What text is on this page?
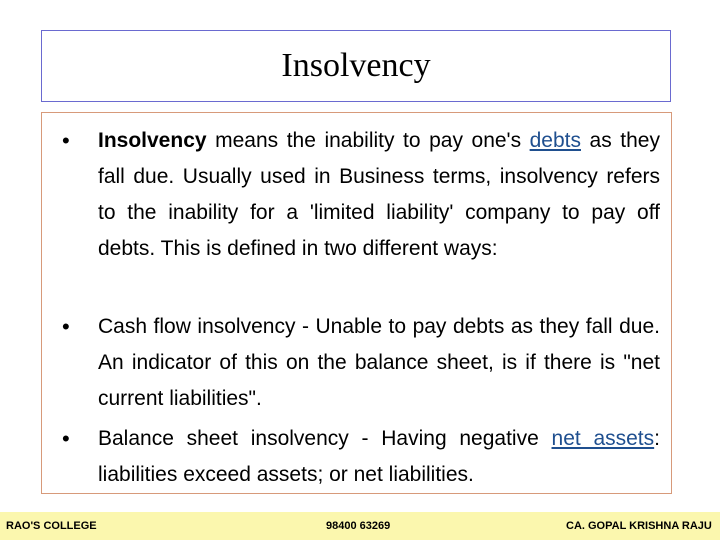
Insolvency
• Insolvency means the inability to pay one's debts as they fall due. Usually used in Business terms, insolvency refers to the inability for a 'limited liability' company to pay off debts. This is defined in two different ways:
• Cash flow insolvency - Unable to pay debts as they fall due. An indicator of this on the balance sheet, is if there is "net current liabilities".
• Balance sheet insolvency - Having negative net assets: liabilities exceed assets; or net liabilities.
RAO'S COLLEGE	98400 63269	CA. GOPAL KRISHNA RAJU
